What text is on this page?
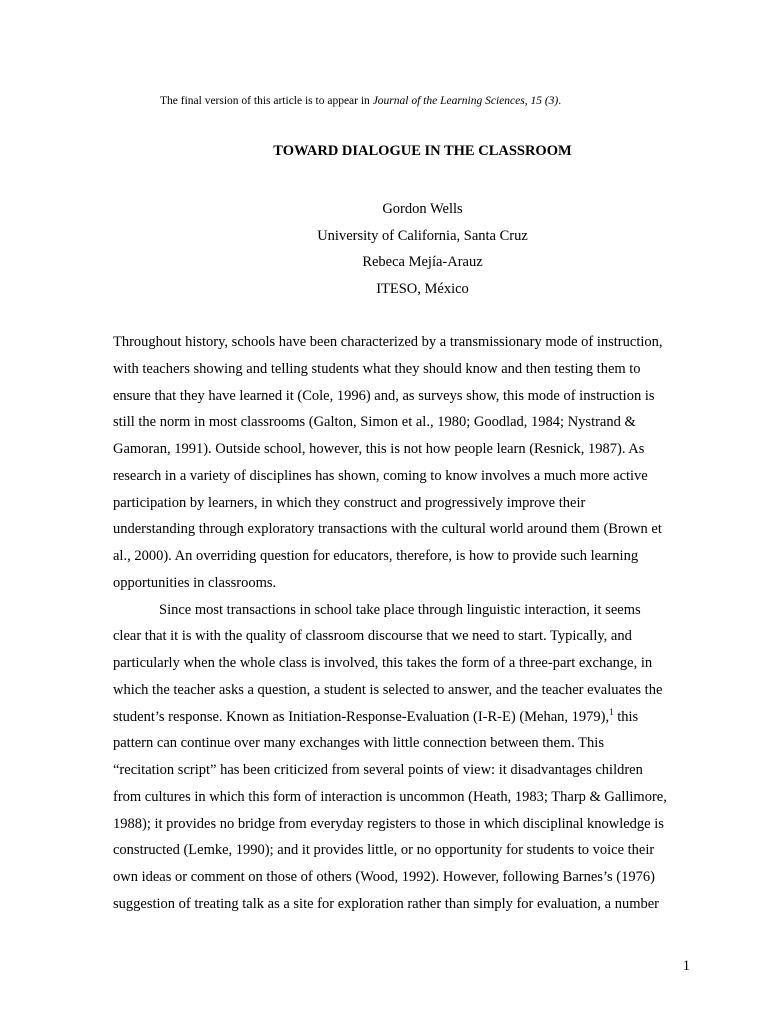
The final version of this article is to appear in Journal of the Learning Sciences, 15 (3).
TOWARD DIALOGUE IN THE CLASSROOM
Gordon Wells
University of California, Santa Cruz
Rebeca Mejía-Arauz
ITESO, México
Throughout history, schools have been characterized by a transmissionary mode of instruction,
with teachers showing and telling students what they should know and then testing them to
ensure that they have learned it (Cole, 1996) and, as surveys show, this mode of instruction is
still the norm in most classrooms (Galton, Simon et al., 1980; Goodlad, 1984; Nystrand &
Gamoran, 1991). Outside school, however, this is not how people learn (Resnick, 1987). As
research in a variety of disciplines has shown, coming to know involves a much more active
participation by learners, in which they construct and progressively improve their
understanding through exploratory transactions with the cultural world around them (Brown et
al., 2000). An overriding question for educators, therefore, is how to provide such learning
opportunities in classrooms.
Since most transactions in school take place through linguistic interaction, it seems
clear that it is with the quality of classroom discourse that we need to start. Typically, and
particularly when the whole class is involved, this takes the form of a three-part exchange, in
which the teacher asks a question, a student is selected to answer, and the teacher evaluates the
student’s response. Known as Initiation-Response-Evaluation (I-R-E) (Mehan, 1979),$^1$ this
pattern can continue over many exchanges with little connection between them. This
“recitation script” has been criticized from several points of view: it disadvantages children
from cultures in which this form of interaction is uncommon (Heath, 1983; Tharp & Gallimore,
1988); it provides no bridge from everyday registers to those in which disciplinal knowledge is
constructed (Lemke, 1990); and it provides little, or no opportunity for students to voice their
own ideas or comment on those of others (Wood, 1992). However, following Barnes’s (1976)
suggestion of treating talk as a site for exploration rather than simply for evaluation, a number
1
